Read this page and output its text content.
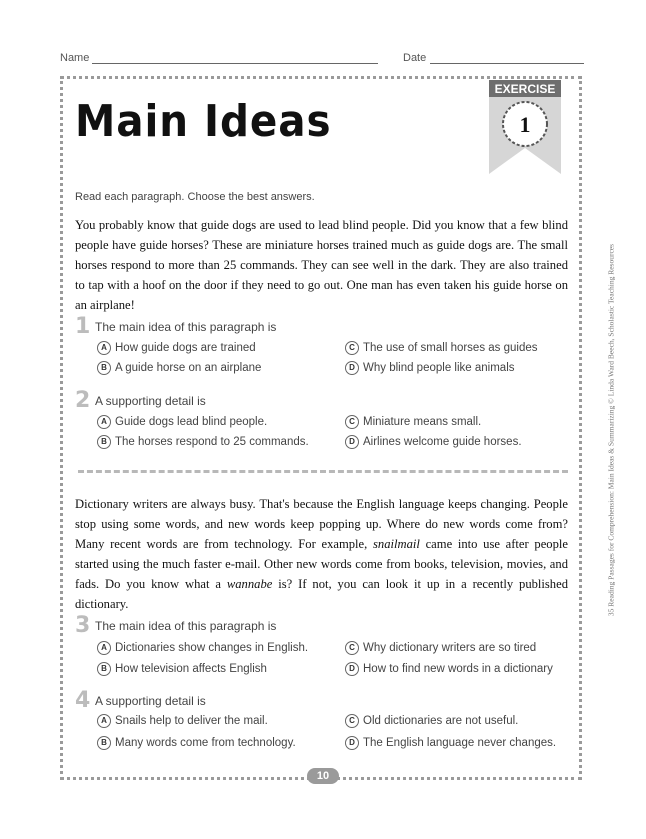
Name	Date
Main Ideas
EXERCISE
1
Read each paragraph. Choose the best answers.
You probably know that guide dogs are used to lead blind people. Did you know that a few blind people have guide horses? These are miniature horses trained much as guide dogs are. The small horses respond to more than 25 commands. They can see well in the dark. They are also trained to tap with a hoof on the door if they need to go out. One man has even taken his guide horse on an airplane!
1 The main idea of this paragraph is
A How guide dogs are trained
B A guide horse on an airplane
C The use of small horses as guides
D Why blind people like animals
2 A supporting detail is
A Guide dogs lead blind people.
B The horses respond to 25 commands.
C Miniature means small.
D Airlines welcome guide horses.
Dictionary writers are always busy. That's because the English language keeps changing. People stop using some words, and new words keep popping up. Where do new words come from? Many recent words are from technology. For example, snailmail came into use after people started using the much faster e-mail. Other new words come from books, television, movies, and fads. Do you know what a wannabe is? If not, you can look it up in a recently published dictionary.
3 The main idea of this paragraph is
A Dictionaries show changes in English.
B How television affects English
C Why dictionary writers are so tired
D How to find new words in a dictionary
4 A supporting detail is
A Snails help to deliver the mail.
B Many words come from technology.
C Old dictionaries are not useful.
D The English language never changes.
10
35 Reading Passages for Comprehension: Main Ideas & Summarizing © Linda Ward Beech, Scholastic Teaching Resources
